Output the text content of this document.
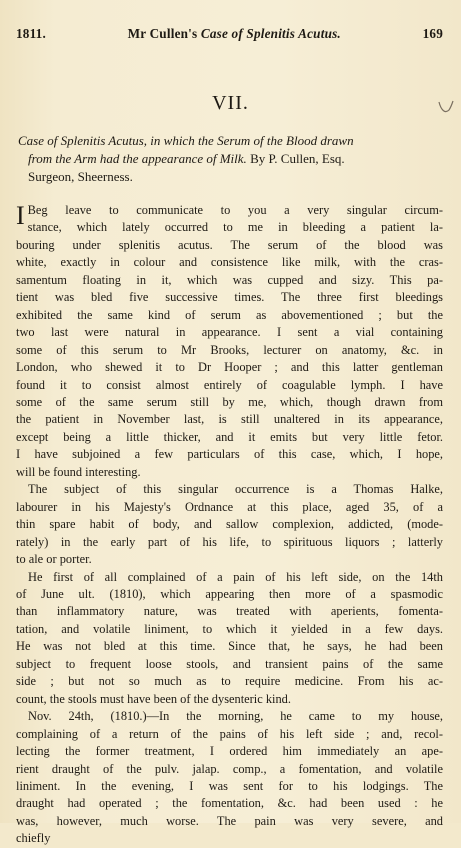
1811.	Mr Cullen's Case of Splenitis Acutus.	169
VII.
Case of Splenitis Acutus, in which the Serum of the Blood drawn
from the Arm had the appearance of Milk. By P. Cullen, Esq.
Surgeon, Sheerness.
I Beg leave to communicate to you a very singular circum-
stance, which lately occurred to me in bleeding a patient la-
bouring under splenitis acutus. The serum of the blood was
white, exactly in colour and consistence like milk, with the cras-
samentum floating in it, which was cupped and sizy. This pa-
tient was bled five successive times. The three first bleedings
exhibited the same kind of serum as abovementioned ; but the
two last were natural in appearance. I sent a vial containing
some of this serum to Mr Brooks, lecturer on anatomy, &c. in
London, who shewed it to Dr Hooper ; and this latter gentleman
found it to consist almost entirely of coagulable lymph. I have
some of the same serum still by me, which, though drawn from
the patient in November last, is still unaltered in its appearance,
except being a little thicker, and it emits but very little fetor.
I have subjoined a few particulars of this case, which, I hope,
will be found interesting.
The subject of this singular occurrence is a Thomas Halke,
labourer in his Majesty's Ordnance at this place, aged 35, of a
thin spare habit of body, and sallow complexion, addicted, (mode-
rately) in the early part of his life, to spirituous liquors ; latterly
to ale or porter.
He first of all complained of a pain of his left side, on the 14th
of June ult. (1810), which appearing then more of a spasmodic
than inflammatory nature, was treated with aperients, fomenta-
tation, and volatile liniment, to which it yielded in a few days.
He was not bled at this time. Since that, he says, he had been
subject to frequent loose stools, and transient pains of the same
side ; but not so much as to require medicine. From his ac-
count, the stools must have been of the dysenteric kind.
Nov. 24th, (1810.)—In the morning, he came to my house,
complaining of a return of the pains of his left side ; and, recol-
lecting the former treatment, I ordered him immediately an ape-
rient draught of the pulv. jalap. comp., a fomentation, and volatile
liniment. In the evening, I was sent for to his lodgings. The
draught had operated ; the fomentation, &c. had been used : he
was, however, much worse. The pain was very severe, and
chiefly
